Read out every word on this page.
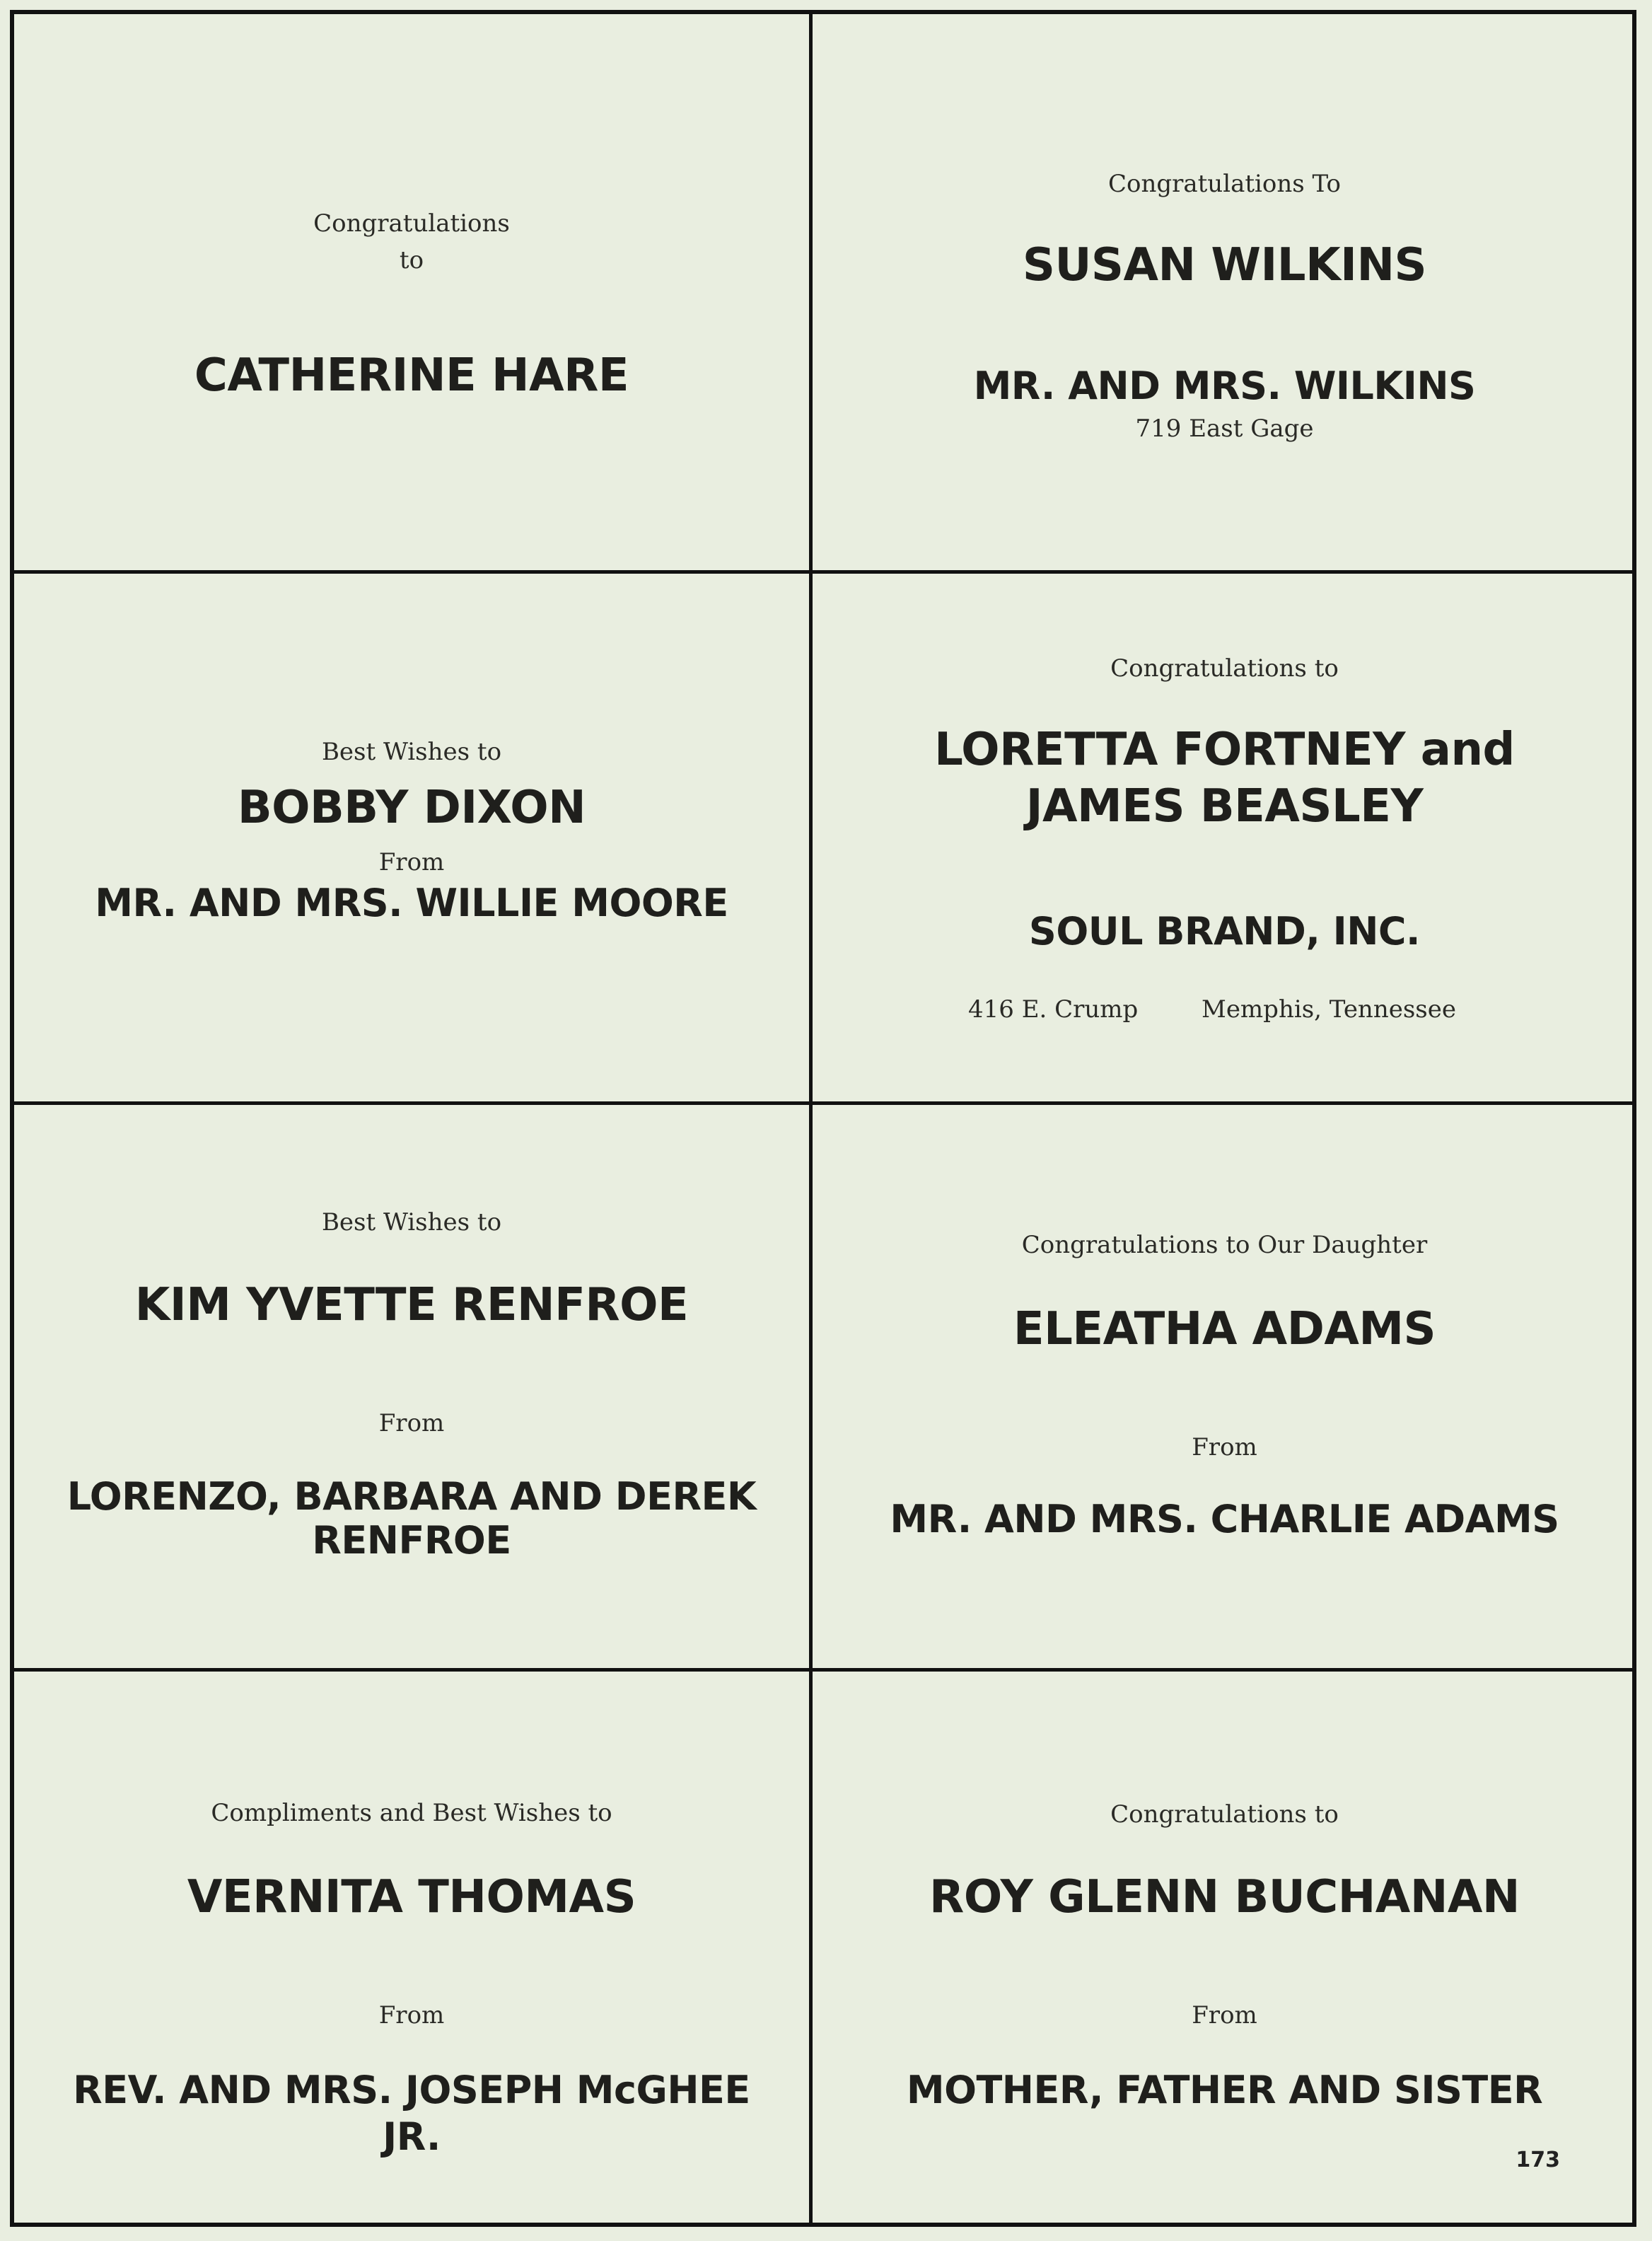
Congratulations
to
CATHERINE HARE
Congratulations To
SUSAN WILKINS
MR. AND MRS. WILKINS
719 East Gage
Best Wishes to
BOBBY DIXON
From
MR. AND MRS. WILLIE MOORE
Congratulations to
LORETTA FORTNEY and
JAMES BEASLEY
SOUL BRAND, INC.
416 E. Crump	Memphis, Tennessee
Best Wishes to
KIM YVETTE RENFROE
From
LORENZO, BARBARA AND DEREK
RENFROE
Congratulations to Our Daughter
ELEATHA ADAMS
From
MR. AND MRS. CHARLIE ADAMS
Compliments and Best Wishes to
VERNITA THOMAS
From
REV. AND MRS. JOSEPH McGHEE
JR.
Congratulations to
ROY GLENN BUCHANAN
From
MOTHER, FATHER AND SISTER
173
